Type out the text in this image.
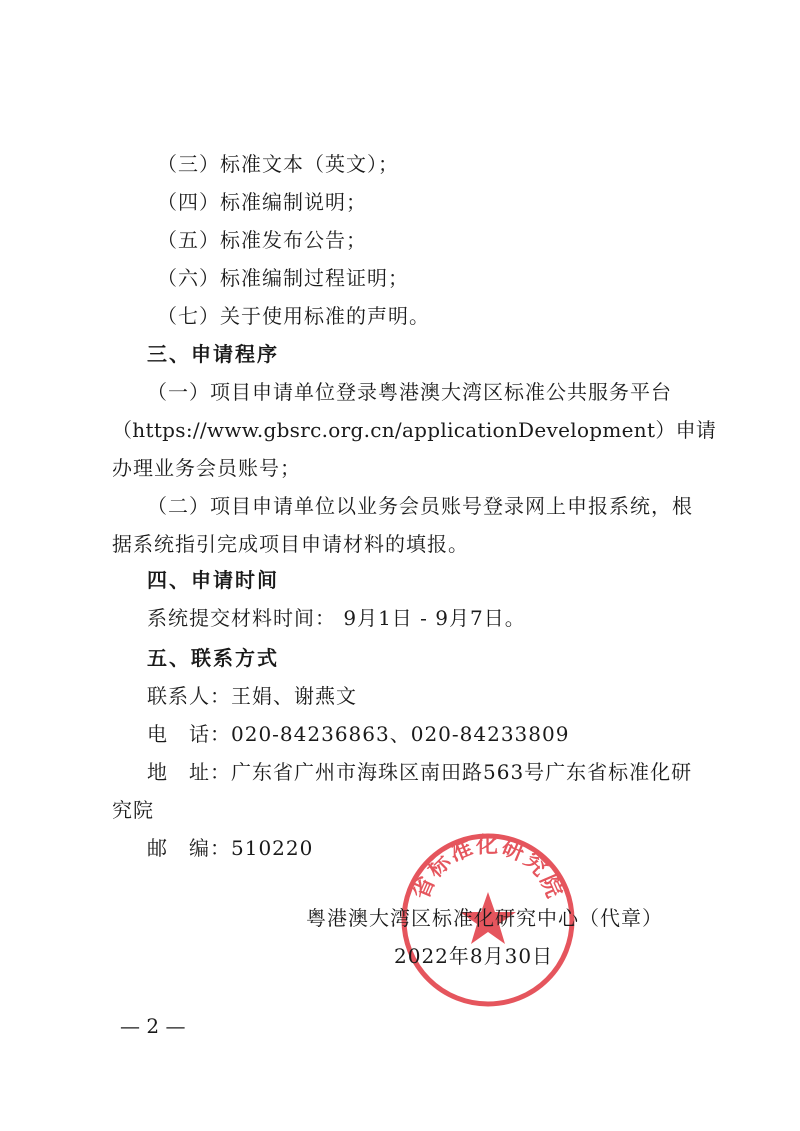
（三）标准文本（英文）；
（四）标准编制说明；
（五）标准发布公告；
（六）标准编制过程证明；
（七）关于使用标准的声明。
三、申请程序
（一）项目申请单位登录粤港澳大湾区标准公共服务平台
（https://www.gbsrc.org.cn/applicationDevelopment）申请
办理业务会员账号；
（二）项目申请单位以业务会员账号登录网上申报系统，根
据系统指引完成项目申请材料的填报。
四、申请时间
系统提交材料时间： 9月1日 - 9月7日。
五、联系方式
联系人：王娟、谢燕文
电　话：020-84236863、020-84233809
地　址：广东省广州市海珠区南田路563号广东省标准化研
究院
邮　编：510220
省标准化研究院
粤港澳大湾区标准化研究中心（代章）
2022年8月30日
— 2 —
